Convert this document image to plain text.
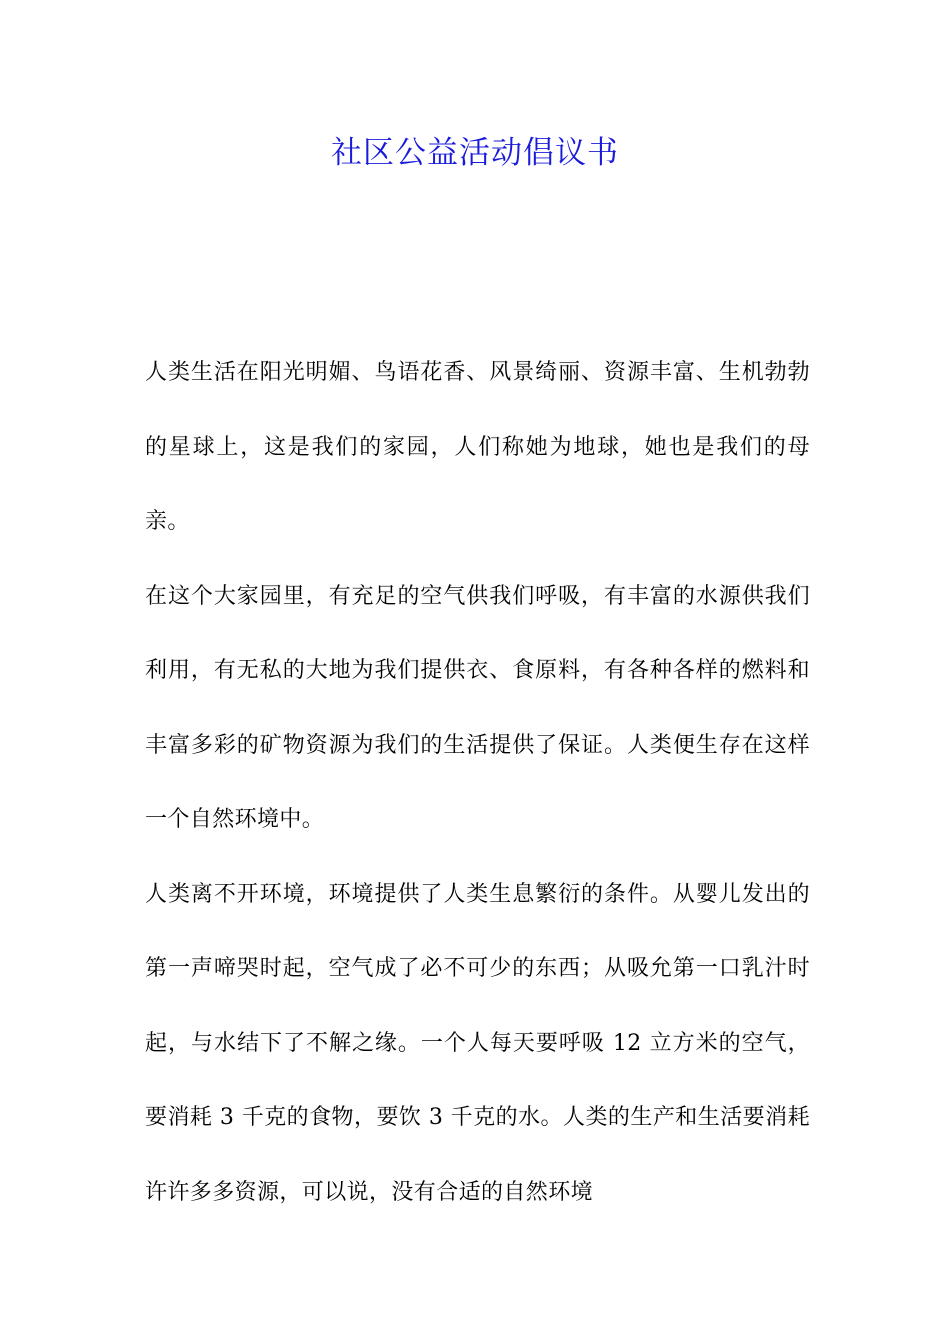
社区公益活动倡议书

人类生活在阳光明媚、鸟语花香、风景绮丽、资源丰富、生机勃勃的星球上，这是我们的家园，人们称她为地球，她也是我们的母亲。

在这个大家园里，有充足的空气供我们呼吸，有丰富的水源供我们利用，有无私的大地为我们提供衣、食原料，有各种各样的燃料和丰富多彩的矿物资源为我们的生活提供了保证。人类便生存在这样一个自然环境中。

人类离不开环境，环境提供了人类生息繁衍的条件。从婴儿发出的第一声啼哭时起，空气成了必不可少的东西；从吸允第一口乳汁时起，与水结下了不解之缘。一个人每天要呼吸 12 立方米的空气，要消耗 3 千克的食物，要饮 3 千克的水。人类的生产和生活要消耗许许多多资源，可以说，没有合适的自然环境
